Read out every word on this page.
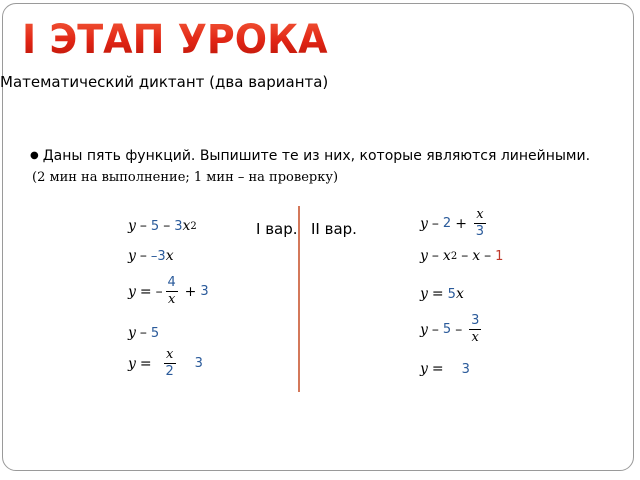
I ЭТАП УРОКА
Математический диктант (два варианта)
● Даны пять функций. Выпишите те из них, которые являются линейными.
(2 мин на выполнение; 1 мин – на проверку)
I вар. II вар.
y – 5 – 3 x 2
y – –3 x
y = – $\frac{4}{x} + 3$
y – 5
$y = \frac{x}{2} 3$
$y - 2 + \frac{x}{3}$
y – x 2 – x – 1
y = 5 x
y – $5 - \frac{3}{x}$
y = 3
